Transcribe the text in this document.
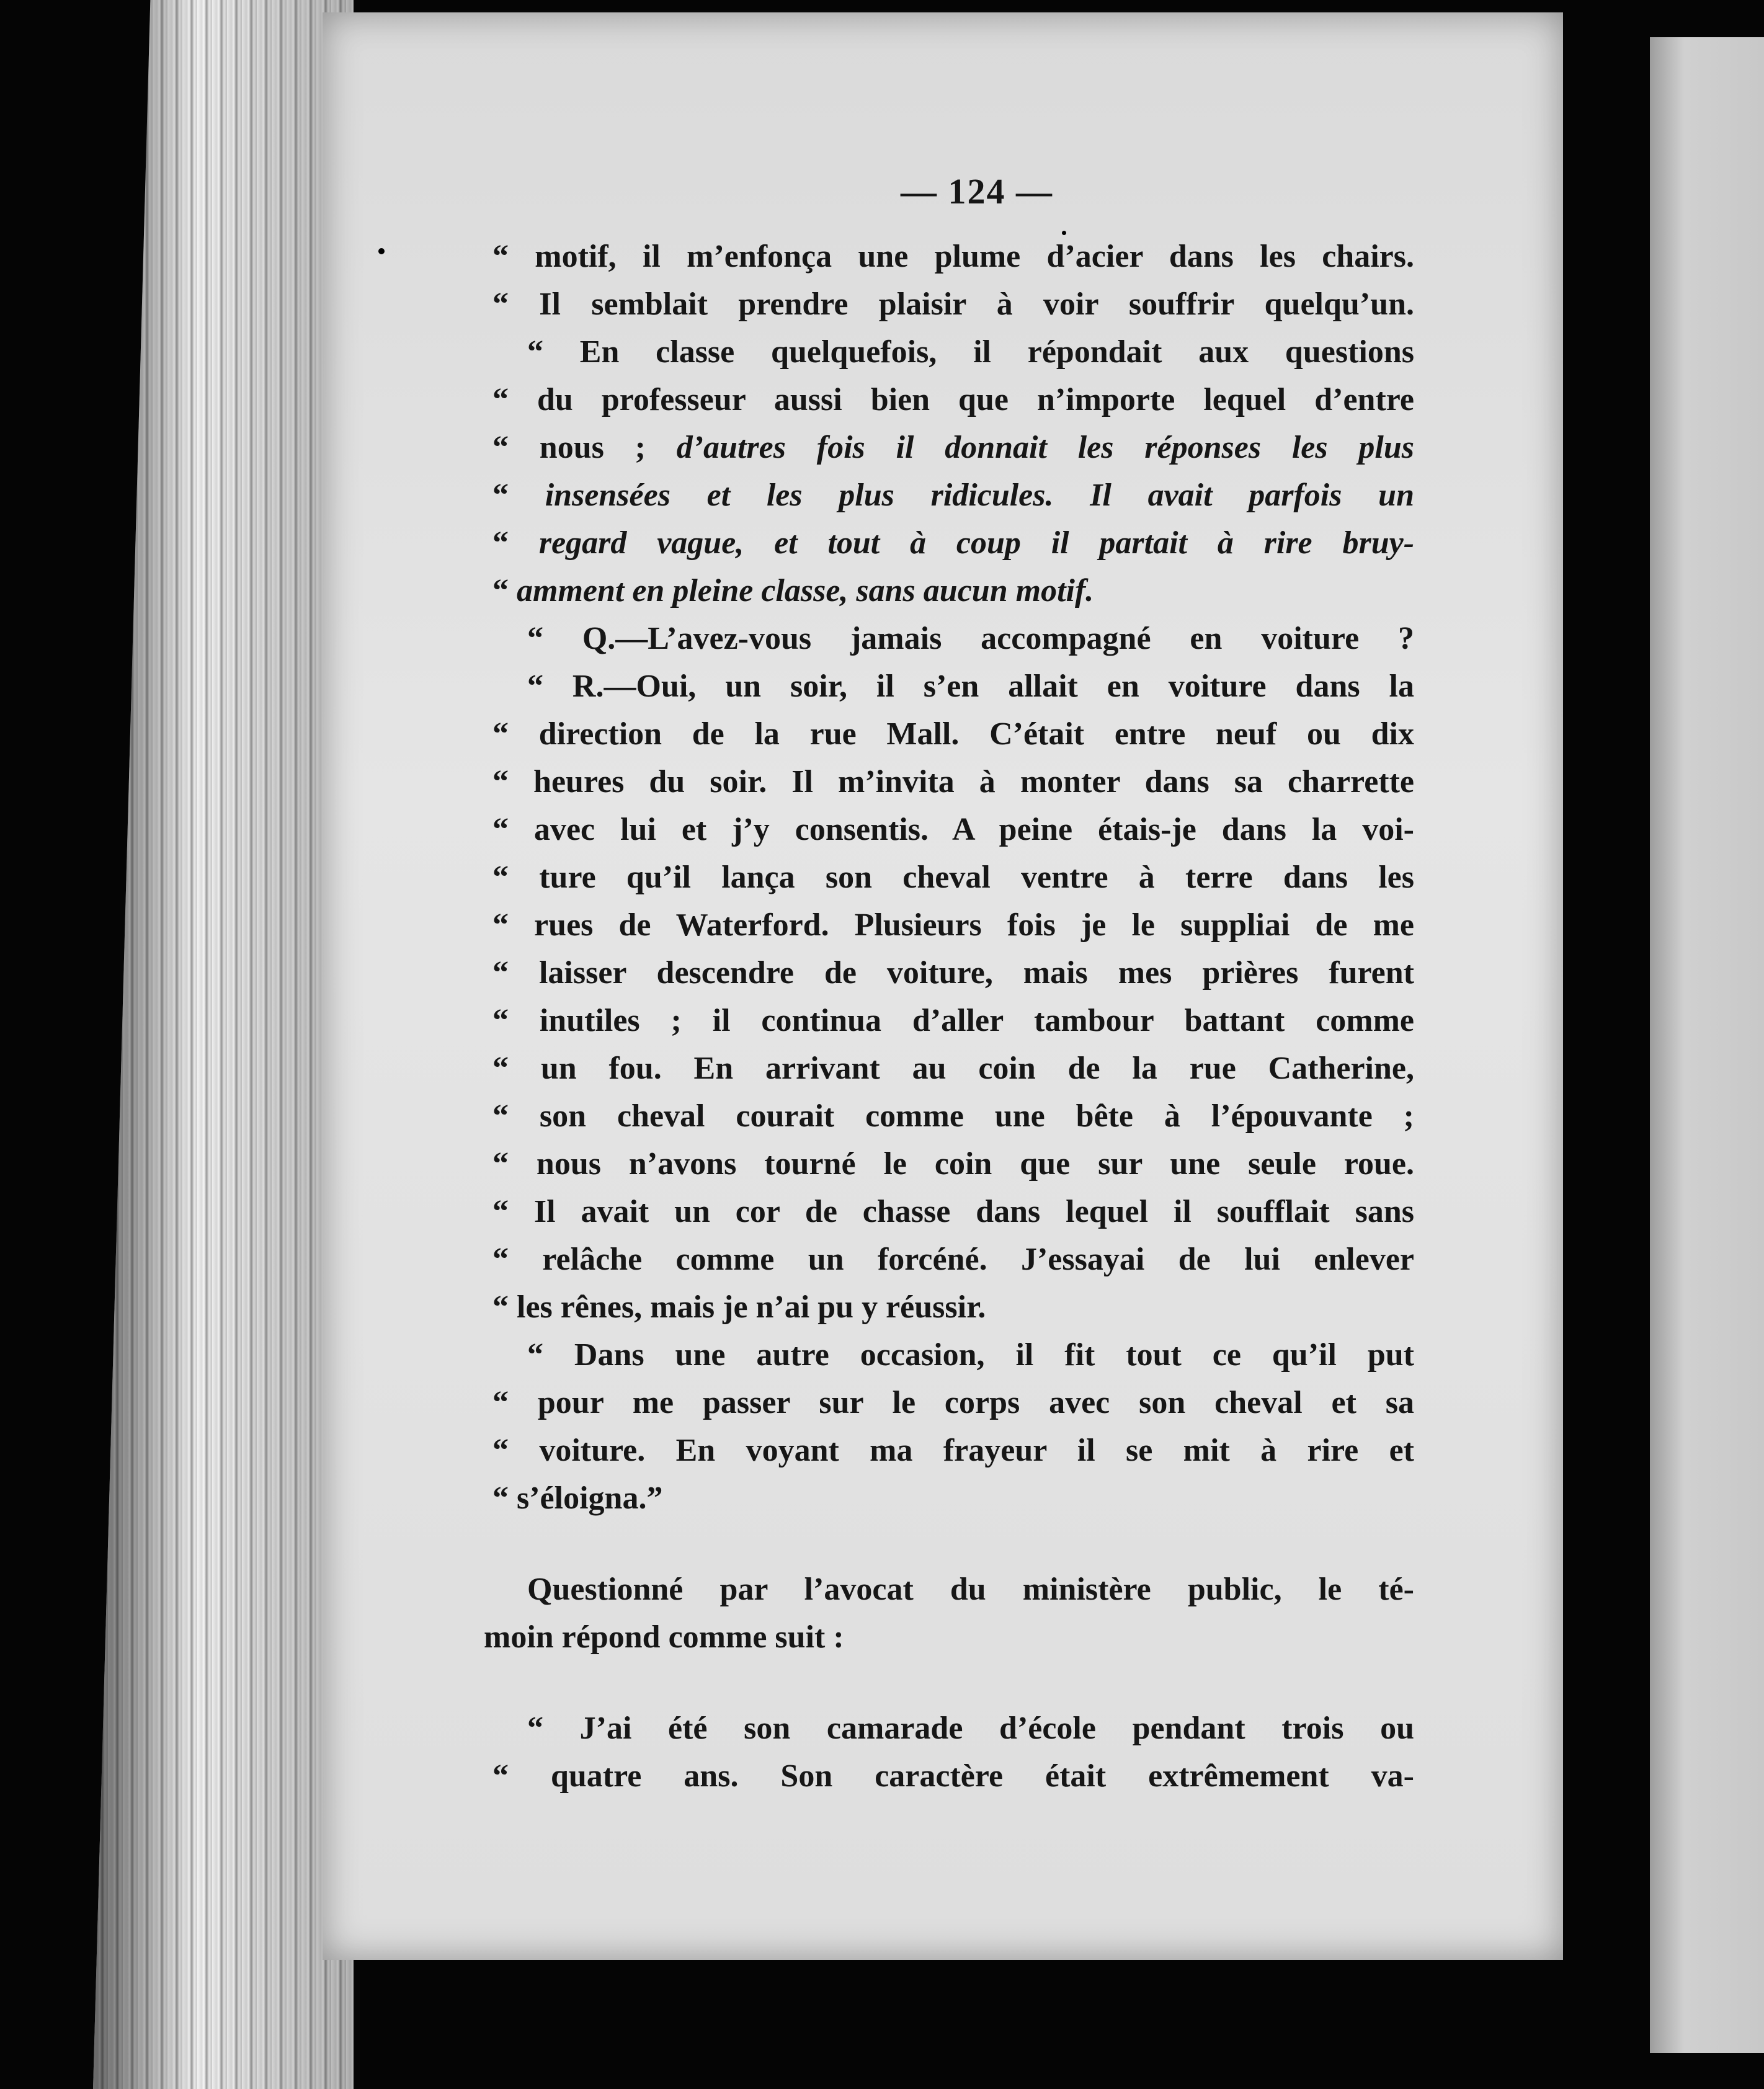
— 124 —
“ motif, il m’enfonça une plume d’acier dans les chairs.
“ Il semblait prendre plaisir à voir souffrir quelqu’un.
“ En classe quelquefois, il répondait aux questions
“ du professeur aussi bien que n’importe lequel d’entre
“ nous ; d’autres fois il donnait les réponses les plus
“ insensées et les plus ridicules. Il avait parfois un
“ regard vague, et tout à coup il partait à rire bruy-
“ amment en pleine classe, sans aucun motif.
“ Q.—L’avez-vous jamais accompagné en voiture ?
“ R.—Oui, un soir, il s’en allait en voiture dans la
“ direction de la rue Mall. C’était entre neuf ou dix
“ heures du soir. Il m’invita à monter dans sa charrette
“ avec lui et j’y consentis. A peine étais-je dans la voi-
“ ture qu’il lança son cheval ventre à terre dans les
“ rues de Waterford. Plusieurs fois je le suppliai de me
“ laisser descendre de voiture, mais mes prières furent
“ inutiles ; il continua d’aller tambour battant comme
“ un fou. En arrivant au coin de la rue Catherine,
“ son cheval courait comme une bête à l’épouvante ;
“ nous n’avons tourné le coin que sur une seule roue.
“ Il avait un cor de chasse dans lequel il soufflait sans
“ relâche comme un forcéné. J’essayai de lui enlever
“ les rênes, mais je n’ai pu y réussir.
“ Dans une autre occasion, il fit tout ce qu’il put
“ pour me passer sur le corps avec son cheval et sa
“ voiture. En voyant ma frayeur il se mit à rire et
“ s’éloigna.”
Questionné par l’avocat du ministère public, le té-
moin répond comme suit :
“ J’ai été son camarade d’école pendant trois ou
“ quatre ans. Son caractère était extrêmement va-
